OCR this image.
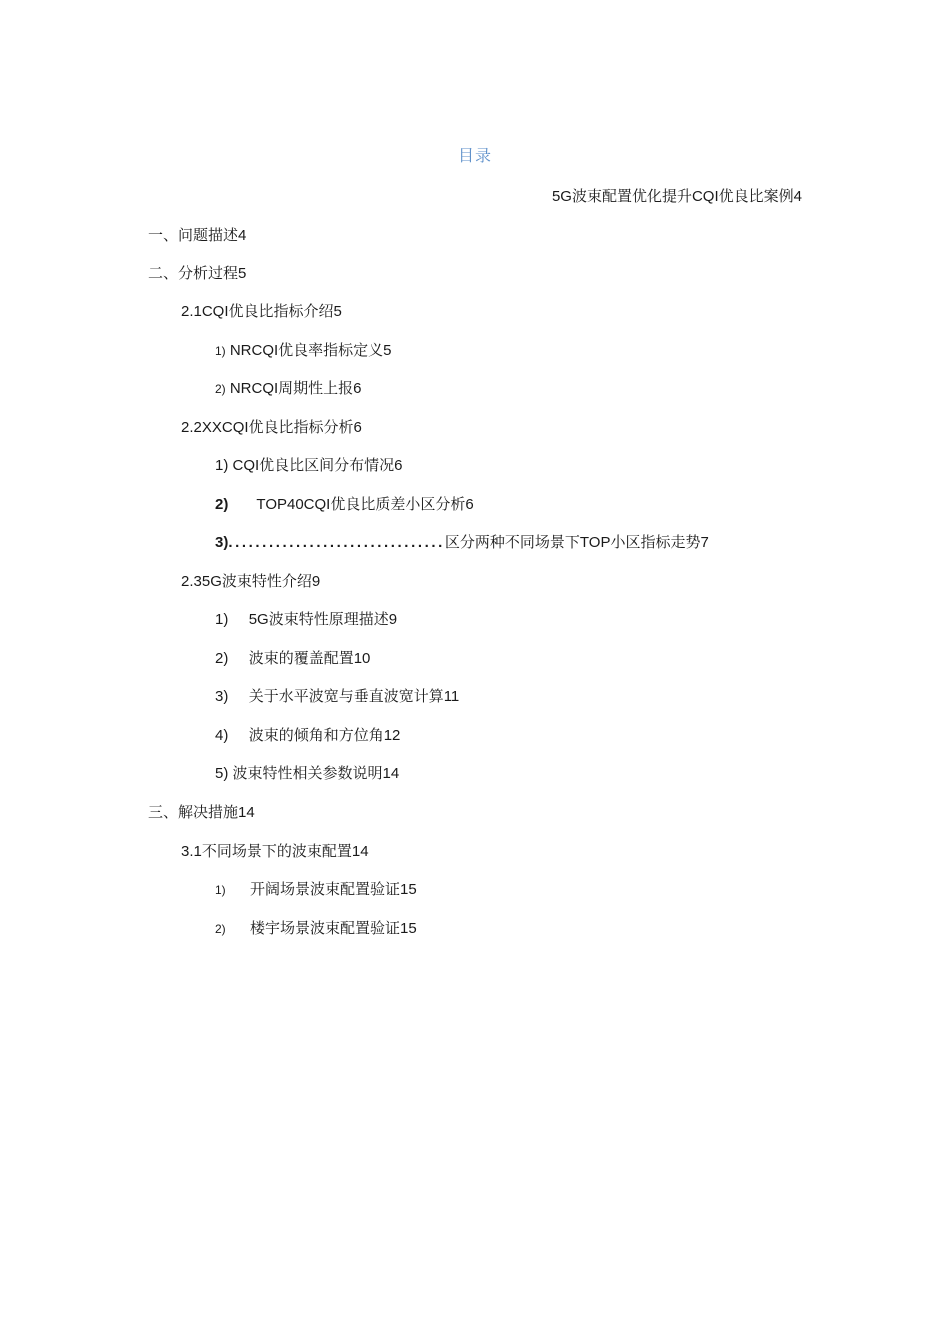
目录
5G波束配置优化提升CQI优良比案例4
一、问题描述4
二、分析过程5
2.1CQI优良比指标介绍5
1) NRCQI优良率指标定义5
2) NRCQI周期性上报6
2.2XXCQI优良比指标分析6
1) CQI优良比区间分布情况6
2) TOP40CQI优良比质差小区分析6
3)................................区分两种不同场景下TOP小区指标走势7
2.35G波束特性介绍9
1) 5G波束特性原理描述9
2) 波束的覆盖配置10
3) 关于水平波宽与垂直波宽计算11
4) 波束的倾角和方位角12
5) 波束特性相关参数说明14
三、解决措施14
3.1不同场景下的波束配置14
1) 开阔场景波束配置验证15
2) 楼宇场景波束配置验证15
